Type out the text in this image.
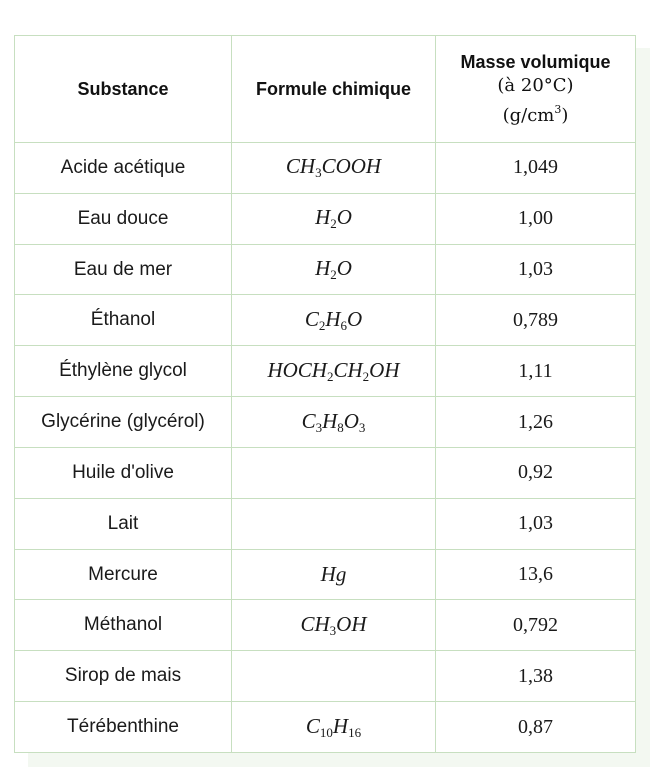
Substance	Formule chimique	Masse volumique
(à 20°C)
$(g/cm^3)$

Acide acétique	$CH_3COOH$	1,049
Eau douce	$H_2O$	1,00
Eau de mer	$H_2O$	1,03
Éthanol	$C_2H_6O$	0,789
Éthylène glycol	$HOCH_2CH_2OH$	1,11
Glycérine (glycérol)	$C_3H_8O_3$	1,26
Huile d'olive		0,92
Lait		1,03
Mercure	Hg	13,6
Méthanol	$CH_3OH$	0,792
Sirop de mais		1,38
Térébenthine	$C_{10}H_{16}$	0,87
